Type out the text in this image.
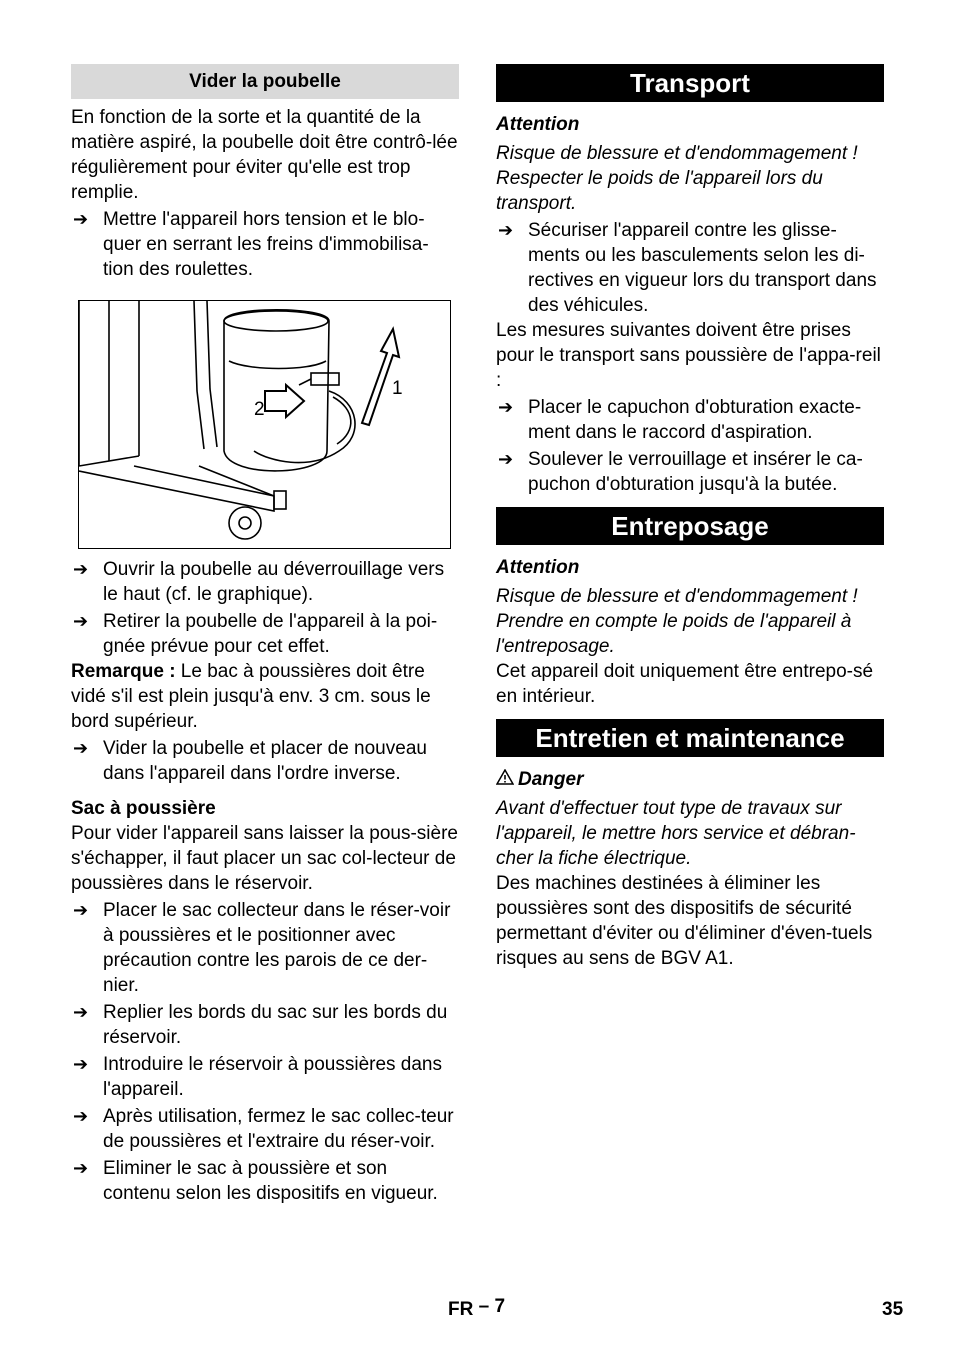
Vider la poubelle

En fonction de la sorte et la quantité de la matière aspiré, la poubelle doit être contrô-lée régulièrement pour éviter qu'elle est trop remplie.

➔ Mettre l'appareil hors tension et le blo-quer en serrant les freins d'immobilisa-tion des roulettes.
2
1
➔ Ouvrir la poubelle au déverrouillage vers le haut (cf. le graphique).
➔ Retirer la poubelle de l'appareil à la poi-gnée prévue pour cet effet.

Remarque : Le bac à poussières doit être vidé s'il est plein jusqu'à env. 3 cm. sous le bord supérieur.

➔ Vider la poubelle et placer de nouveau dans l'appareil dans l'ordre inverse.
Sac à poussière

Pour vider l'appareil sans laisser la pous-sière s'échapper, il faut placer un sac col-lecteur de poussières dans le réservoir.

➔ Placer le sac collecteur dans le réser-voir à poussières et le positionner avec précaution contre les parois de ce der-nier.
➔ Replier les bords du sac sur les bords du réservoir.
➔ Introduire le réservoir à poussières dans l'appareil.
➔ Après utilisation, fermez le sac collec-teur de poussières et l'extraire du réser-voir.
➔ Eliminer le sac à poussière et son contenu selon les dispositifs en vigueur.
Transport
Attention

Risque de blessure et d'endommagement ! Respecter le poids de l'appareil lors du transport.

➔ Sécuriser l'appareil contre les glisse-ments ou les basculements selon les di-rectives en vigueur lors du transport dans des véhicules.

Les mesures suivantes doivent être prises pour le transport sans poussière de l'appa-reil :

➔ Placer le capuchon d'obturation exacte-ment dans le raccord d'aspiration.
➔ Soulever le verrouillage et insérer le ca-puchon d'obturation jusqu'à la butée.
Entreposage
Attention

Risque de blessure et d'endommagement ! Prendre en compte le poids de l'appareil à l'entreposage.

Cet appareil doit uniquement être entrepo-sé en intérieur.

Entretien et maintenance
Danger

Avant d'effectuer tout type de travaux sur l'appareil, le mettre hors service et débran-cher la fiche électrique.

Des machines destinées à éliminer les poussières sont des dispositifs de sécurité permettant d'éviter ou d'éliminer d'éven-tuels risques au sens de BGV A1.

FR – 7	35
